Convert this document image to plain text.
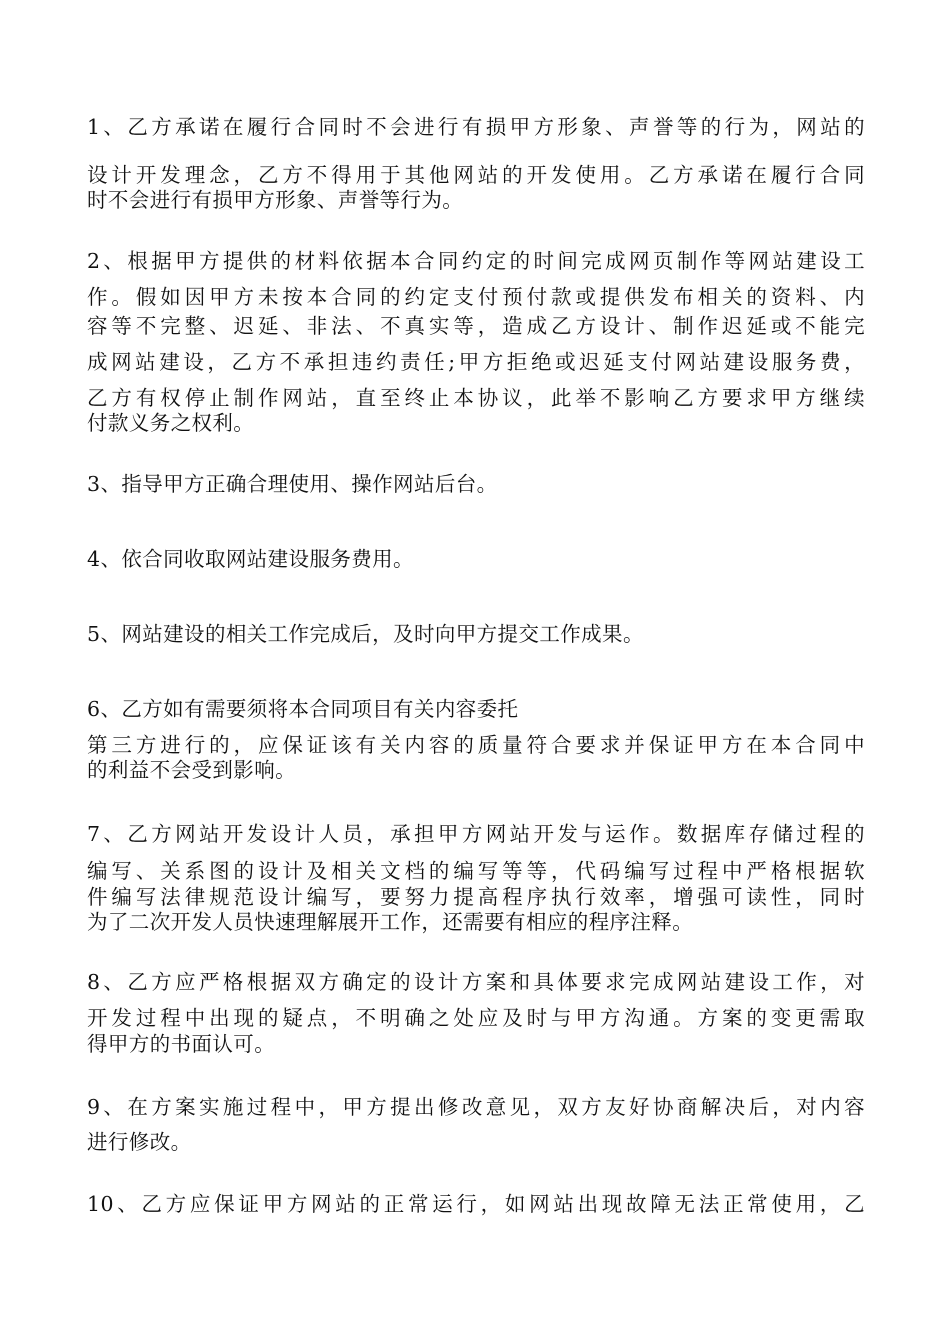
1、乙方承诺在履行合同时不会进行有损甲方形象、声誉等的行为，网站的
设计开发理念，乙方不得用于其他网站的开发使用。乙方承诺在履行合同
时不会进行有损甲方形象、声誉等行为。
2、根据甲方提供的材料依据本合同约定的时间完成网页制作等网站建设工
作。假如因甲方未按本合同的约定支付预付款或提供发布相关的资料、内
容等不完整、迟延、非法、不真实等，造成乙方设计、制作迟延或不能完
成网站建设，乙方不承担违约责任;甲方拒绝或迟延支付网站建设服务费，
乙方有权停止制作网站，直至终止本协议，此举不影响乙方要求甲方继续
付款义务之权利。
3、指导甲方正确合理使用、操作网站后台。
4、依合同收取网站建设服务费用。
5、网站建设的相关工作完成后，及时向甲方提交工作成果。
6、乙方如有需要须将本合同项目有关内容委托
第三方进行的，应保证该有关内容的质量符合要求并保证甲方在本合同中
的利益不会受到影响。
7、乙方网站开发设计人员，承担甲方网站开发与运作。数据库存储过程的
编写、关系图的设计及相关文档的编写等等，代码编写过程中严格根据软
件编写法律规范设计编写，要努力提高程序执行效率，增强可读性，同时
为了二次开发人员快速理解展开工作，还需要有相应的程序注释。
8、乙方应严格根据双方确定的设计方案和具体要求完成网站建设工作，对
开发过程中出现的疑点，不明确之处应及时与甲方沟通。方案的变更需取
得甲方的书面认可。
9、在方案实施过程中，甲方提出修改意见，双方友好协商解决后，对内容
进行修改。
10、乙方应保证甲方网站的正常运行，如网站出现故障无法正常使用，乙
